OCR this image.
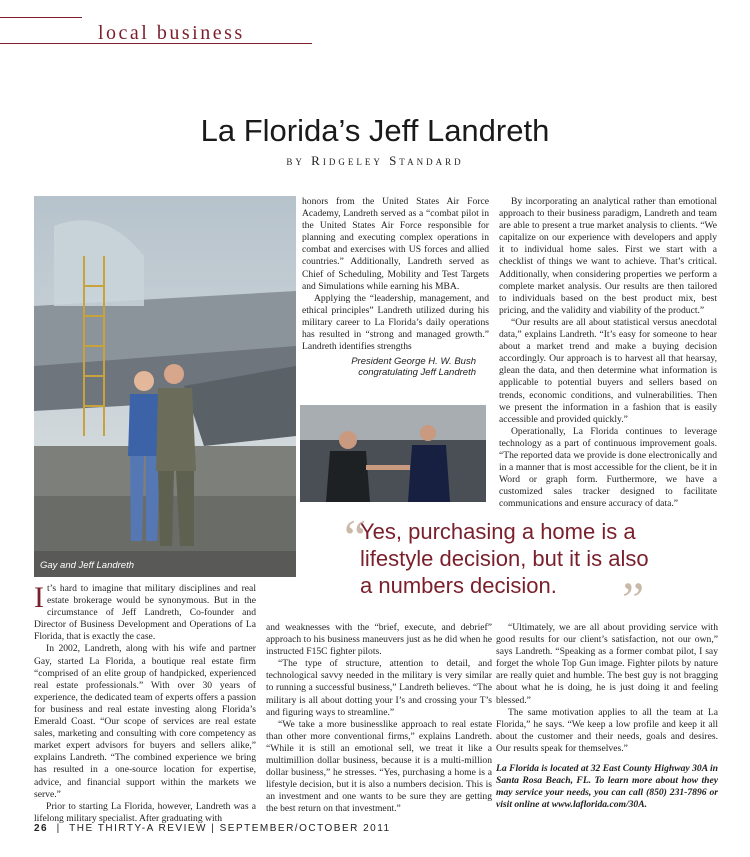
local business
La Florida’s Jeff Landreth
by Ridgeley Standard
Gay and Jeff Landreth
President George H. W. Bush
congratulating Jeff Landreth

honors from the United States Air Force Academy, Landreth served as a “combat pilot in the United States Air Force responsible for planning and executing complex operations in combat and exercises with US forces and allied countries.” Additionally, Landreth served as Chief of Scheduling, Mobility and Test Targets and Simulations while earning his MBA.

Applying the “leadership, management, and ethical principles” Landreth utilized during his military career to La Florida’s daily operations has resulted in “strong and managed growth.” Landreth identifies strengths

By incorporating an analytical rather than emotional approach to their business paradigm, Landreth and team are able to present a true market analysis to clients. “We capitalize on our experience with developers and apply it to individual home sales. First we start with a checklist of things we want to achieve. That’s critical. Additionally, when considering properties we perform a complete market analysis. Our results are then tailored to individuals based on the best product mix, best pricing, and the validity and viability of the product.”

“Our results are all about statistical versus anecdotal data,” explains Landreth. “It’s easy for someone to hear about a market trend and make a buying decision accordingly. Our approach is to harvest all that hearsay, glean the data, and then determine what information is applicable to potential buyers and sellers based on trends, economic conditions, and vulnerabilities. Then we present the information in a fashion that is easily accessible and provided quickly.”

Operationally, La Florida continues to leverage technology as a part of continuous improvement goals. “The reported data we provide is done electronically and in a manner that is most accessible for the client, be it in Word or graph form. Furthermore, we have a customized sales tracker designed to facilitate communications and ensure accuracy of data.”

“
Yes, purchasing a home is a lifestyle decision, but it is also a numbers decision.	”

It’s hard to imagine that military disciplines and real estate brokerage would be synonymous. But in the circumstance of Jeff Landreth, Co-founder and Director of Business Development and Operations of La Florida, that is exactly the case.

In 2002, Landreth, along with his wife and partner Gay, started La Florida, a boutique real estate firm “comprised of an elite group of handpicked, experienced real estate professionals.” With over 30 years of experience, the dedicated team of experts offers a passion for business and real estate investing along Florida’s Emerald Coast. “Our scope of services are real estate sales, marketing and consulting with core competency as market expert advisors for buyers and sellers alike,” explains Landreth. “The combined experience we bring has resulted in a one-source location for expertise, advice, and financial support within the markets we serve.”

Prior to starting La Florida, however, Landreth was a lifelong military specialist. After graduating with

and weaknesses with the “brief, execute, and debrief” approach to his business maneuvers just as he did when he instructed F15C fighter pilots.

“The type of structure, attention to detail, and technological savvy needed in the military is very similar to running a successful business,” Landreth believes. “The military is all about dotting your I’s and crossing your T’s and figuring ways to streamline.”

“We take a more businesslike approach to real estate than other more conventional firms,” explains Landreth. “While it is still an emotional sell, we treat it like a multimillion dollar business, because it is a multi-million dollar business,” he stresses. “Yes, purchasing a home is a lifestyle decision, but it is also a numbers decision. This is an investment and one wants to be sure they are getting the best return on that investment.”

“Ultimately, we are all about providing service with good results for our client’s satisfaction, not our own,” says Landreth. “Speaking as a former combat pilot, I say forget the whole Top Gun image. Fighter pilots by nature are really quiet and humble. The best guy is not bragging about what he is doing, he is just doing it and feeling blessed.”

The same motivation applies to all the team at La Florida,” he says. “We keep a low profile and keep it all about the customer and their needs, goals and desires. Our results speak for themselves.”

La Florida is located at 32 East County Highway 30A in Santa Rosa Beach, FL. To learn more about how they may service your needs, you can call (850) 231-7896 or visit online at www.laflorida.com/30A.

26  |  THE THIRTY-A REVIEW | SEPTEMBER/OCTOBER 2011
